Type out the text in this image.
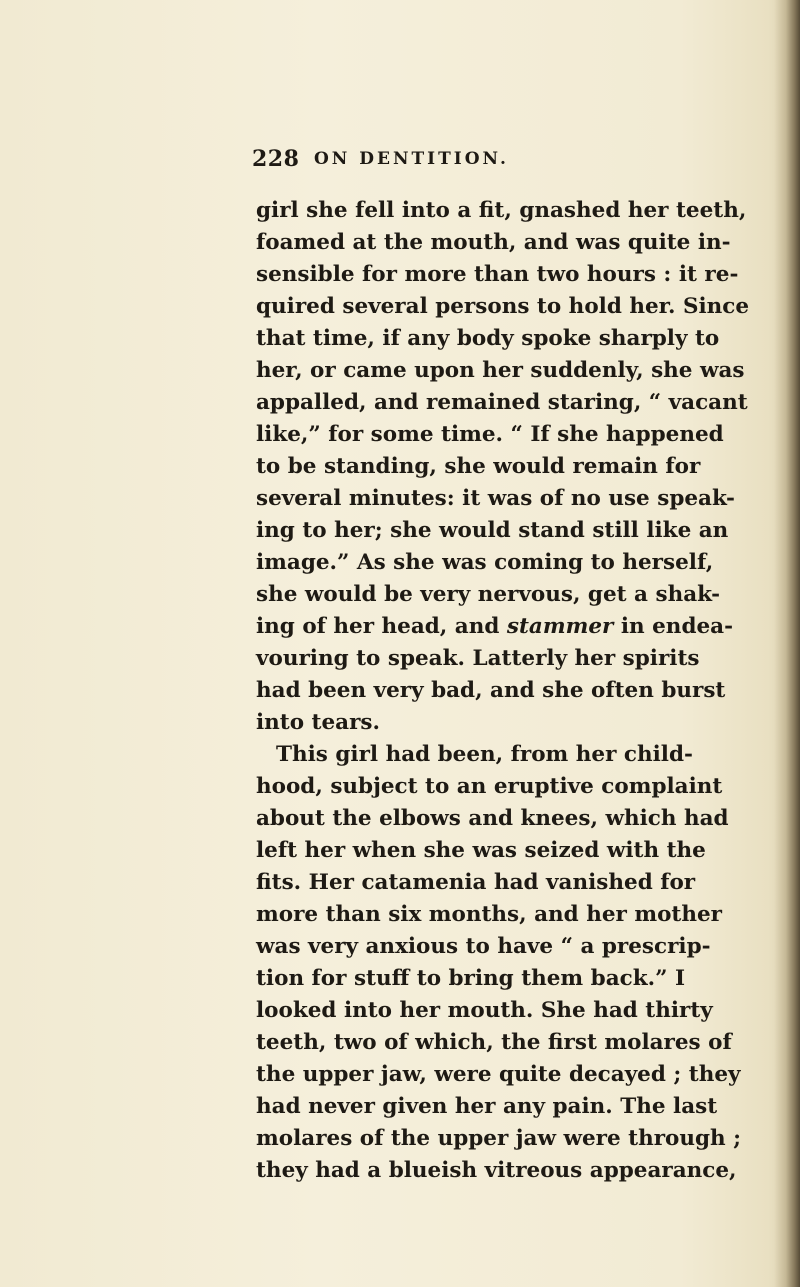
228 ON DENTITION.
girl she fell into a fit, gnashed her teeth,
foamed at the mouth, and was quite in-
sensible for more than two hours : it re-
quired several persons to hold her. Since
that time, if any body spoke sharply to
her, or came upon her suddenly, she was
appalled, and remained staring, “ vacant
like,” for some time. “ If she happened
to be standing, she would remain for
several minutes: it was of no use speak-
ing to her; she would stand still like an
image.” As she was coming to herself,
she would be very nervous, get a shak-
ing of her head, and stammer in endea-
vouring to speak. Latterly her spirits
had been very bad, and she often burst
into tears.
This girl had been, from her child-
hood, subject to an eruptive complaint
about the elbows and knees, which had
left her when she was seized with the
fits. Her catamenia had vanished for
more than six months, and her mother
was very anxious to have “ a prescrip-
tion for stuff to bring them back.” I
looked into her mouth. She had thirty
teeth, two of which, the first molares of
the upper jaw, were quite decayed ; they
had never given her any pain. The last
molares of the upper jaw were through ;
they had a blueish vitreous appearance,
